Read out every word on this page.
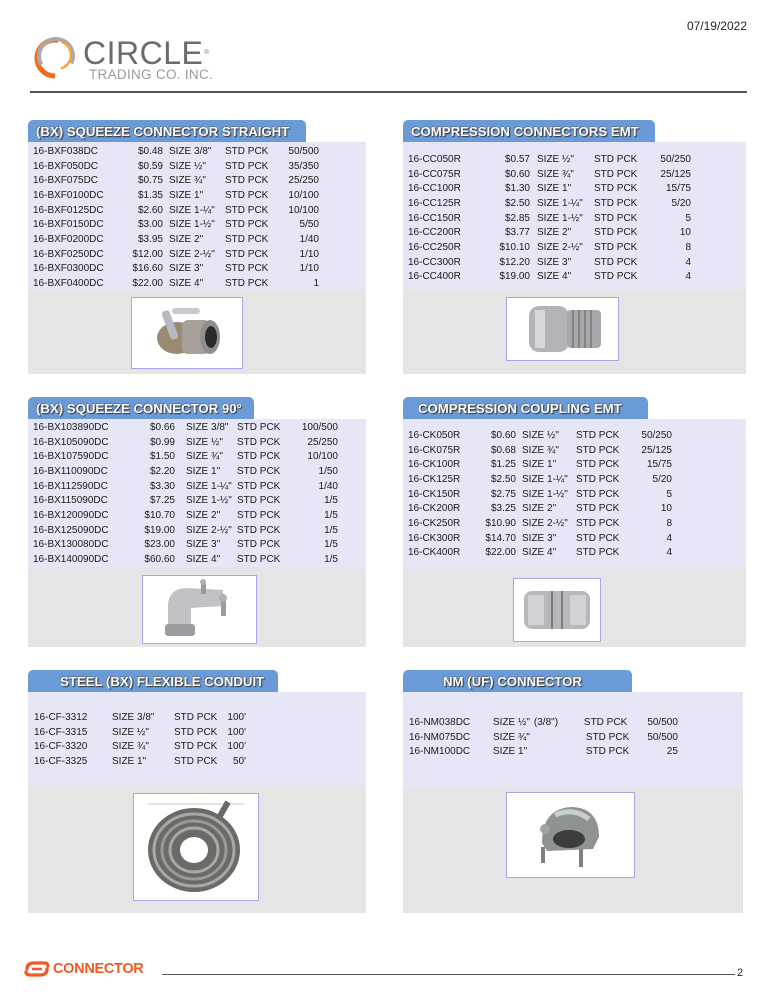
07/19/2022
CIRCLE®
TRADING CO. INC.
(BX) SQUEEZE CONNECTOR STRAIGHT
16-BXF038DC	$0.48	SIZE 3/8"	STD PCK	50/500
16-BXF050DC	$0.59	SIZE ½"	STD PCK	35/350
16-BXF075DC	$0.75	SIZE ¾"	STD PCK	25/250
16-BXF0100DC	$1.35	SIZE 1"	STD PCK	10/100
16-BXF0125DC	$2.60	SIZE 1-¼"	STD PCK	10/100
16-BXF0150DC	$3.00	SIZE 1-½"	STD PCK	5/50
16-BXF0200DC	$3.95	SIZE 2"	STD PCK	1/40
16-BXF0250DC	$12.00	SIZE 2-½"	STD PCK	1/10
16-BXF0300DC	$16.60	SIZE 3"	STD PCK	1/10
16-BXF0400DC	$22.00	SIZE 4"	STD PCK	1
COMPRESSION CONNECTORS EMT
16-CC050R	$0.57	SIZE ½"	STD PCK	50/250
16-CC075R	$0.60	SIZE ¾"	STD PCK	25/125
16-CC100R	$1.30	SIZE 1"	STD PCK	15/75
16-CC125R	$2.50	SIZE 1-¼"	STD PCK	5/20
16-CC150R	$2.85	SIZE 1-½"	STD PCK	5
16-CC200R	$3.77	SIZE 2"	STD PCK	10
16-CC250R	$10.10	SIZE 2-½"	STD PCK	8
16-CC300R	$12.20	SIZE 3"	STD PCK	4
16-CC400R	$19.00	SIZE 4"	STD PCK	4
(BX) SQUEEZE CONNECTOR 90°
16-BX103890DC	$0.66	SIZE 3/8"	STD PCK	100/500
16-BX105090DC	$0.99	SIZE ½"	STD PCK	25/250
16-BX107590DC	$1.50	SIZE ¾"	STD PCK	10/100
16-BX110090DC	$2.20	SIZE 1"	STD PCK	1/50
16-BX112590DC	$3.30	SIZE 1-¼"	STD PCK	1/40
16-BX115090DC	$7.25	SIZE 1-½"	STD PCK	1/5
16-BX120090DC	$10.70	SIZE 2"	STD PCK	1/5
16-BX125090DC	$19.00	SIZE 2-½"	STD PCK	1/5
16-BX130080DC	$23.00	SIZE 3"	STD PCK	1/5
16-BX140090DC	$60.60	SIZE 4"	STD PCK	1/5
COMPRESSION COUPLING EMT
16-CK050R	$0.60	SIZE ½"	STD PCK	50/250
16-CK075R	$0.68	SIZE ¾"	STD PCK	25/125
16-CK100R	$1.25	SIZE 1"	STD PCK	15/75
16-CK125R	$2.50	SIZE 1-¼"	STD PCK	5/20
16-CK150R	$2.75	SIZE 1-½"	STD PCK	5
16-CK200R	$3.25	SIZE 2"	STD PCK	10
16-CK250R	$10.90	SIZE 2-½"	STD PCK	8
16-CK300R	$14.70	SIZE 3"	STD PCK	4
16-CK400R	$22.00	SIZE 4"	STD PCK	4
STEEL (BX) FLEXIBLE CONDUIT
16-CF-3312	SIZE 3/8"	STD PCK	100'
16-CF-3315	SIZE ½"	STD PCK	100'
16-CF-3320	SIZE ¾"	STD PCK	100'
16-CF-3325	SIZE 1"	STD PCK	50'
NM (UF) CONNECTOR
16-NM038DC	SIZE ½"	(3/8")	STD PCK	50/500
16-NM075DC	SIZE ¾"		STD PCK	50/500
16-NM100DC	SIZE 1"		STD PCK	25
CONNECTOR	2
